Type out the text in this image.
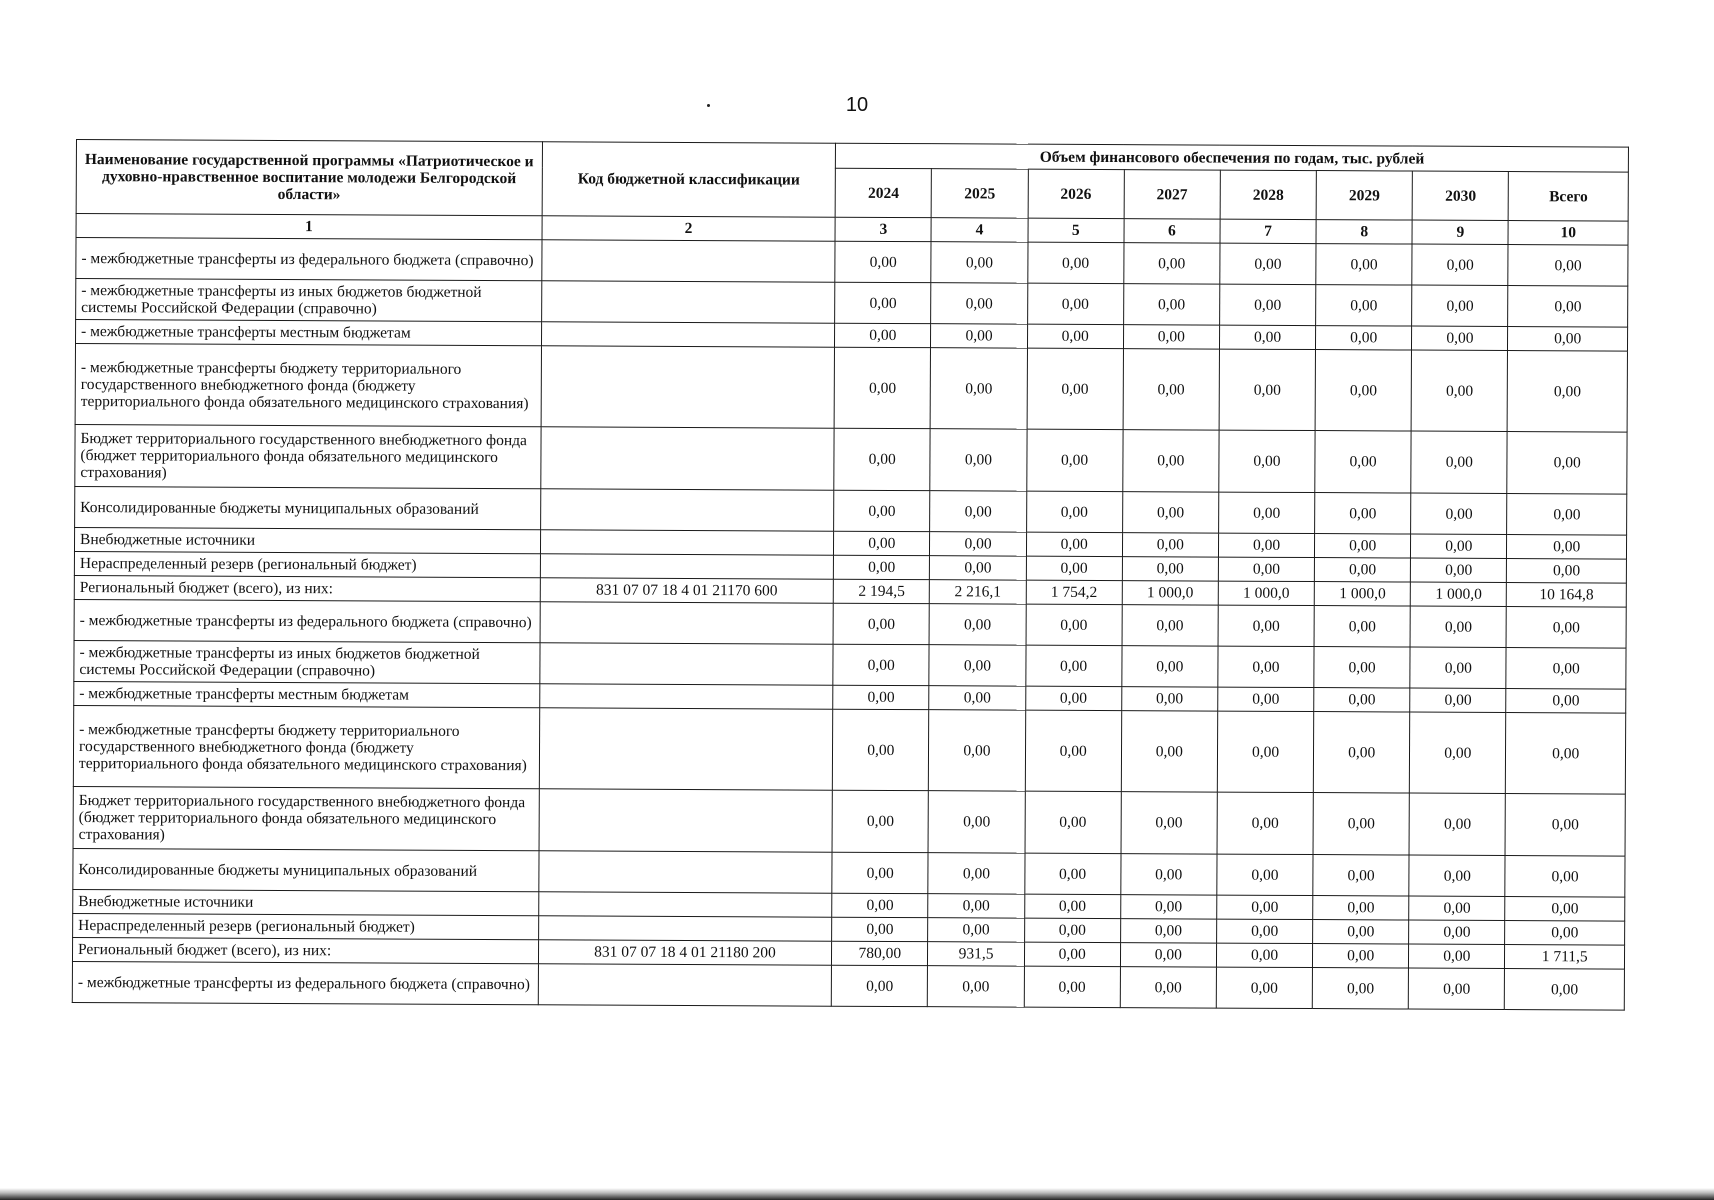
10
Наименование государственной программы «Патриотическое и духовно-нравственное воспитание молодежи Белгородской области»	Код бюджетной классификации	Объем финансового обеспечения по годам, тыс. рублей							
		2024	2025	2026	2027	2028	2029	2030	Всего
1	2	3	4	5	6	7	8	9	10
- межбюджетные трансферты из федерального бюджета (справочно)		0,00	0,00	0,00	0,00	0,00	0,00	0,00	0,00
- межбюджетные трансферты из иных бюджетов бюджетной системы Российской Федерации (справочно)		0,00	0,00	0,00	0,00	0,00	0,00	0,00	0,00
- межбюджетные трансферты местным бюджетам		0,00	0,00	0,00	0,00	0,00	0,00	0,00	0,00
- межбюджетные трансферты бюджету территориального государственного внебюджетного фонда (бюджету территориального фонда обязательного медицинского страхования)		0,00	0,00	0,00	0,00	0,00	0,00	0,00	0,00
Бюджет территориального государственного внебюджетного фонда (бюджет территориального фонда обязательного медицинского страхования)		0,00	0,00	0,00	0,00	0,00	0,00	0,00	0,00
Консолидированные бюджеты муниципальных образований		0,00	0,00	0,00	0,00	0,00	0,00	0,00	0,00
Внебюджетные источники		0,00	0,00	0,00	0,00	0,00	0,00	0,00	0,00
Нераспределенный резерв (региональный бюджет)		0,00	0,00	0,00	0,00	0,00	0,00	0,00	0,00
Региональный бюджет (всего), из них:	831 07 07 18 4 01 21170 600	2 194,5	2 216,1	1 754,2	1 000,0	1 000,0	1 000,0	1 000,0	10 164,8
- межбюджетные трансферты из федерального бюджета (справочно)		0,00	0,00	0,00	0,00	0,00	0,00	0,00	0,00
- межбюджетные трансферты из иных бюджетов бюджетной системы Российской Федерации (справочно)		0,00	0,00	0,00	0,00	0,00	0,00	0,00	0,00
- межбюджетные трансферты местным бюджетам		0,00	0,00	0,00	0,00	0,00	0,00	0,00	0,00
- межбюджетные трансферты бюджету территориального государственного внебюджетного фонда (бюджету территориального фонда обязательного медицинского страхования)		0,00	0,00	0,00	0,00	0,00	0,00	0,00	0,00
Бюджет территориального государственного внебюджетного фонда (бюджет территориального фонда обязательного медицинского страхования)		0,00	0,00	0,00	0,00	0,00	0,00	0,00	0,00
Консолидированные бюджеты муниципальных образований		0,00	0,00	0,00	0,00	0,00	0,00	0,00	0,00
Внебюджетные источники		0,00	0,00	0,00	0,00	0,00	0,00	0,00	0,00
Нераспределенный резерв (региональный бюджет)		0,00	0,00	0,00	0,00	0,00	0,00	0,00	0,00
Региональный бюджет (всего), из них:	831 07 07 18 4 01 21180 200	780,00	931,5	0,00	0,00	0,00	0,00	0,00	1 711,5
- межбюджетные трансферты из федерального бюджета (справочно)		0,00	0,00	0,00	0,00	0,00	0,00	0,00	0,00
